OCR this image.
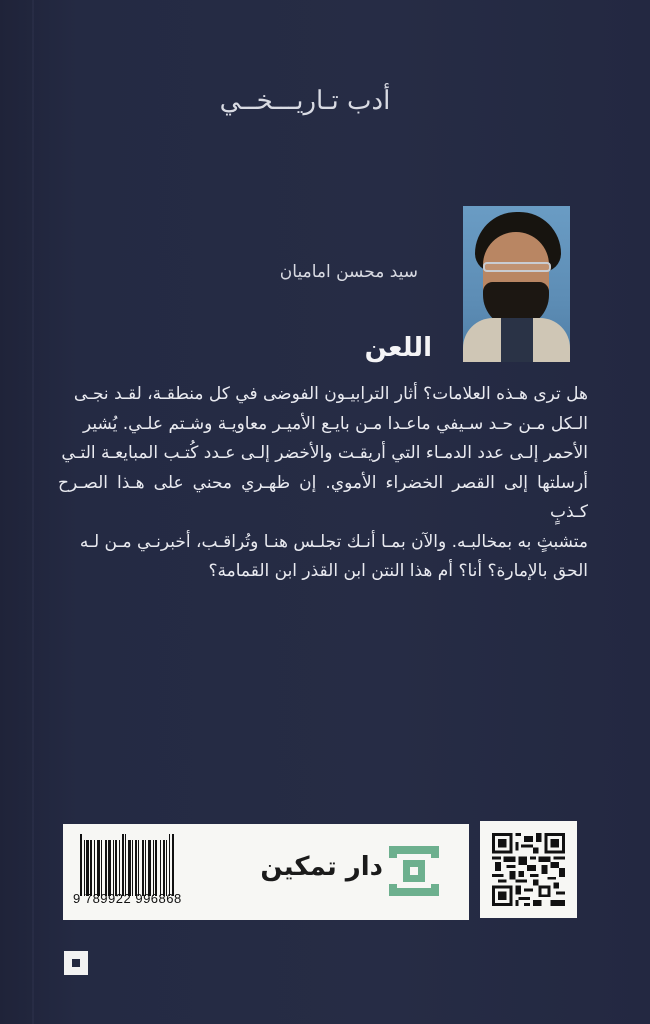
أدب تـاريـــخــي
سيد محسن اماميان
اللعن

هل ترى هـذه العلامات؟ أثار الترابيـون الفوضى في كل منطقـة، لقـد نجـى

الـكل مـن حـد سـيفي ماعـدا مـن بايـع الأميـر معاويـة وشـتم علـي. يُشير

الأحمر إلـى عدد الدمـاء التي أريقـت والأخضر إلـى عـدد كُتـب المبايعـة التـي

أرسلتها إلى القصر الخضراء الأموي. إن ظهـري محني على هـذا الصـرح كـذبٍ

متشبثٍ به بمخالبـه. والآن بمـا أنـك تجلـس هنـا وتُراقـب، أخبرنـي مـن لـه

الحق بالإمارة؟ أنا؟ أم هذا النتن ابن القذر ابن القمامة؟

9 789922 996868
دار تمكين
